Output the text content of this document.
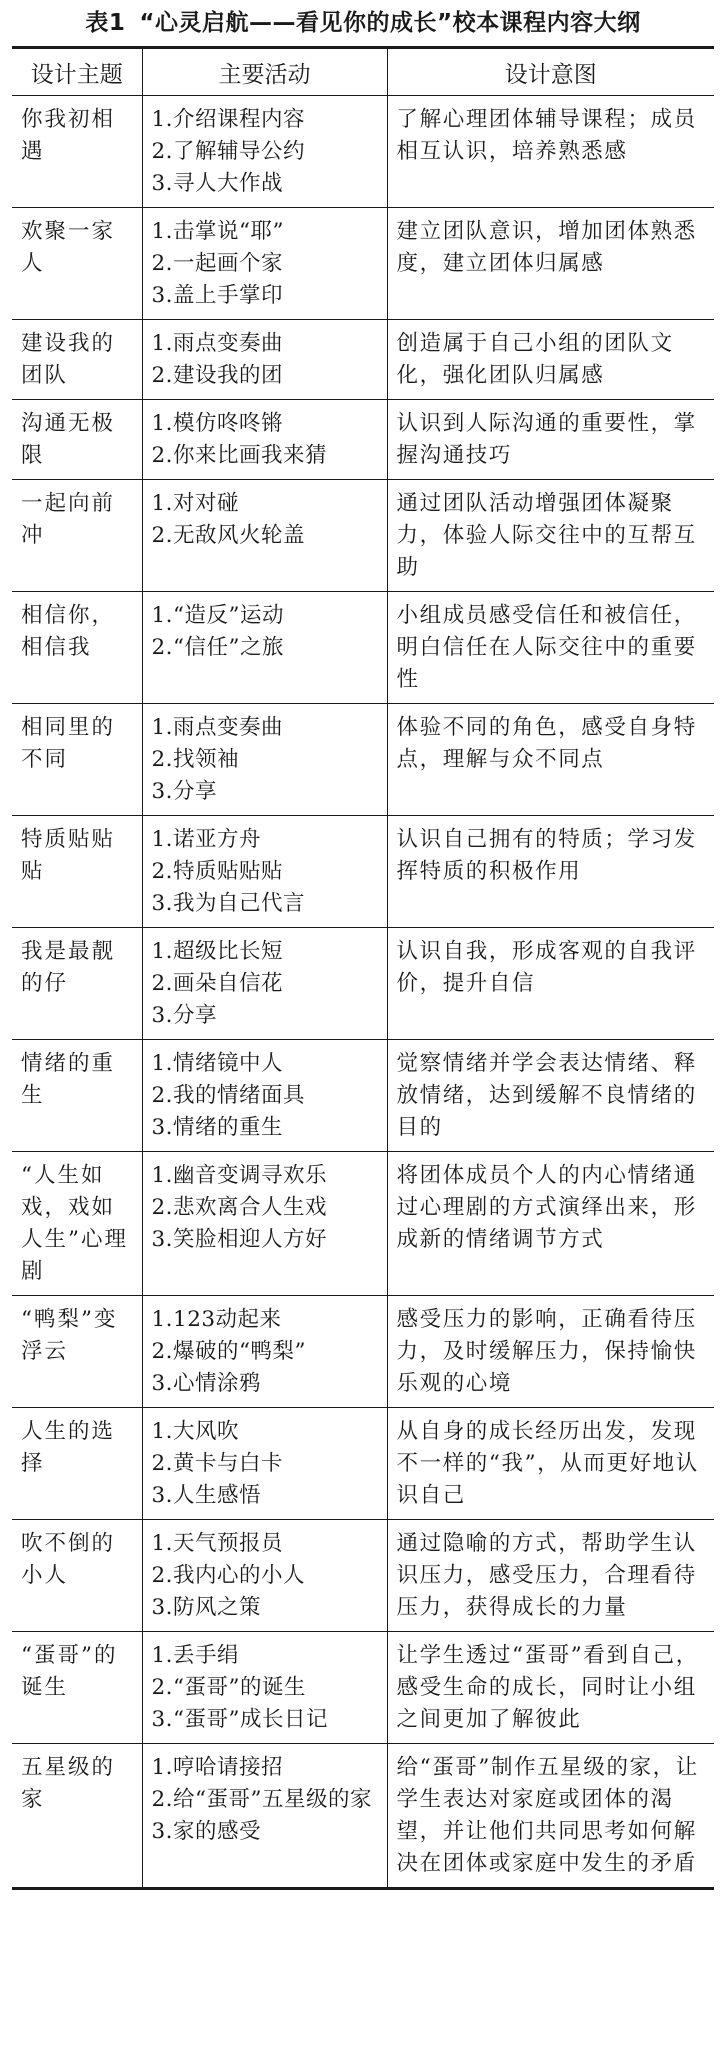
表1 “心灵启航——看见你的成长”校本课程内容大纲
设计主题	主要活动	设计意图
你我初相遇	1.介绍课程内容
2.了解辅导公约
3.寻人大作战	了解心理团体辅导课程；成员相互认识，培养熟悉感
欢聚一家人	1.击掌说“耶”
2.一起画个家
3.盖上手掌印	建立团队意识，增加团体熟悉度，建立团体归属感
建设我的团队	1.雨点变奏曲
2.建设我的团	创造属于自己小组的团队文化，强化团队归属感
沟通无极限	1.模仿咚咚锵
2.你来比画我来猜	认识到人际沟通的重要性，掌握沟通技巧
一起向前冲	1.对对碰
2.无敌风火轮盖	通过团队活动增强团体凝聚力，体验人际交往中的互帮互助
相信你，相信我	1.“造反”运动
2.“信任”之旅	小组成员感受信任和被信任，明白信任在人际交往中的重要性
相同里的不同	1.雨点变奏曲
2.找领袖
3.分享	体验不同的角色，感受自身特点，理解与众不同点
特质贴贴贴	1.诺亚方舟
2.特质贴贴贴
3.我为自己代言	认识自己拥有的特质；学习发挥特质的积极作用
我是最靓的仔	1.超级比长短
2.画朵自信花
3.分享	认识自我，形成客观的自我评价，提升自信
情绪的重生	1.情绪镜中人
2.我的情绪面具
3.情绪的重生	觉察情绪并学会表达情绪、释放情绪，达到缓解不良情绪的目的
“人生如戏，戏如人生”心理剧	1.幽音变调寻欢乐
2.悲欢离合人生戏
3.笑脸相迎人方好	将团体成员个人的内心情绪通过心理剧的方式演绎出来，形成新的情绪调节方式
“鸭梨”变浮云	1.123动起来
2.爆破的“鸭梨”
3.心情涂鸦	感受压力的影响，正确看待压力，及时缓解压力，保持愉快乐观的心境
人生的选择	1.大风吹
2.黄卡与白卡
3.人生感悟	从自身的成长经历出发，发现不一样的“我”，从而更好地认识自己
吹不倒的小人	1.天气预报员
2.我内心的小人
3.防风之策	通过隐喻的方式，帮助学生认识压力，感受压力，合理看待压力，获得成长的力量
“蛋哥”的诞生	1.丢手绢
2.“蛋哥”的诞生
3.“蛋哥”成长日记	让学生透过“蛋哥”看到自己，感受生命的成长，同时让小组之间更加了解彼此
五星级的家	1.哼哈请接招
2.给“蛋哥”五星级的家
3.家的感受	给“蛋哥”制作五星级的家，让学生表达对家庭或团体的渴望，并让他们共同思考如何解决在团体或家庭中发生的矛盾
